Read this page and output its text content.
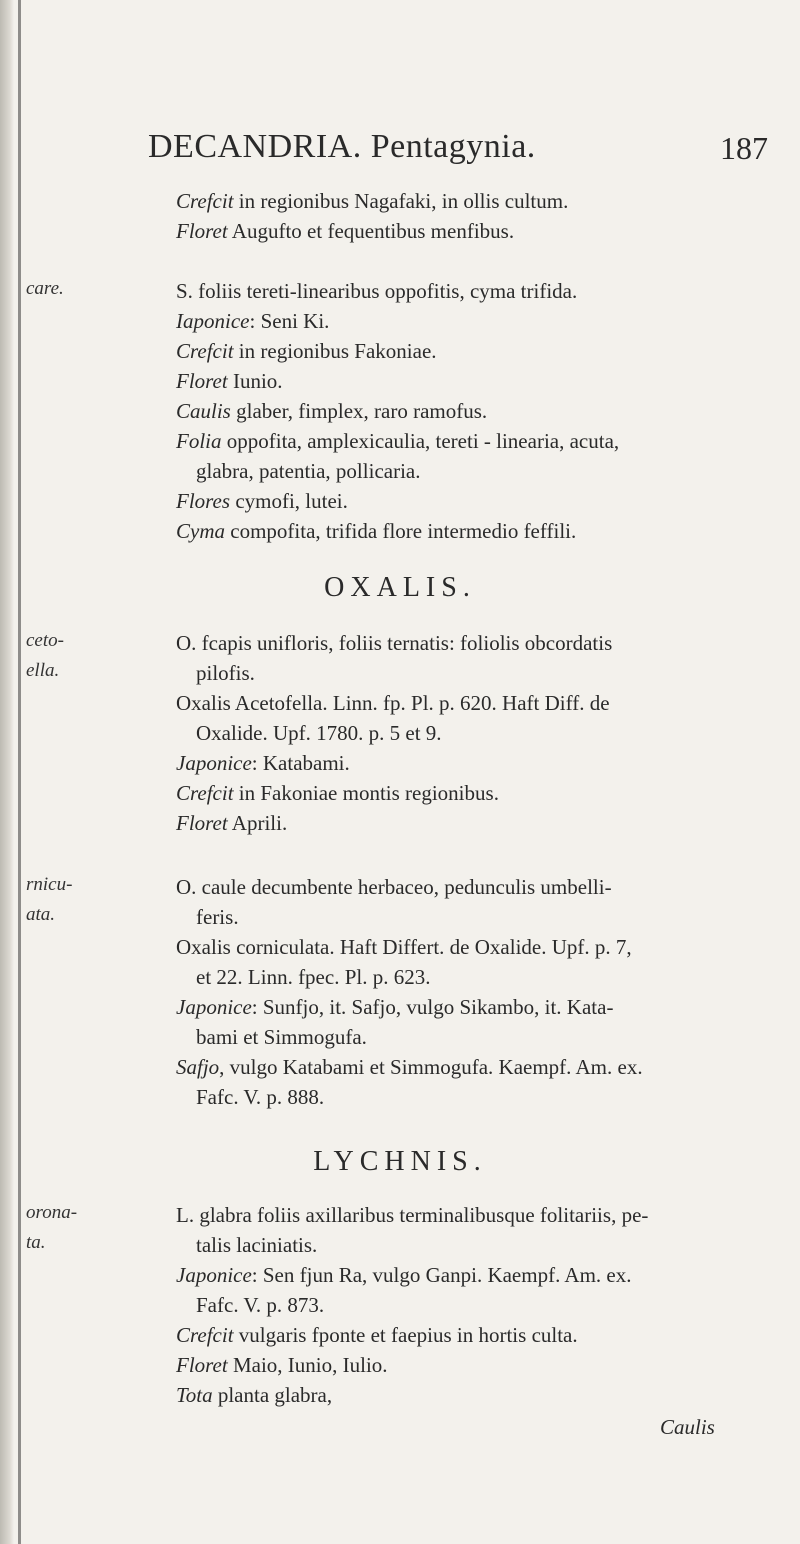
DECANDRIA. Pentagynia.	187
Crefcit in regionibus Nagafaki, in ollis cultum.
Floret Augufto et fequentibus menfibus.
care.	S. foliis tereti-linearibus oppofitis, cyma trifida.
Iaponice: Seni Ki.
Crefcit in regionibus Fakoniae.
Floret Iunio.
Caulis glaber, fimplex, raro ramofus.
Folia oppofita, amplexicaulia, tereti - linearia, acuta,
glabra, patentia, pollicaria.
Flores cymofi, lutei.
Cyma compofita, trifida flore intermedio feffili.
OXALIS.
ceto-
ella.
O. fcapis unifloris, foliis ternatis: foliolis obcordatis
pilofis.
Oxalis Acetofella. Linn. fp. Pl. p. 620. Haft Diff. de
Oxalide. Upf. 1780. p. 5 et 9.
Japonice: Katabami.
Crefcit in Fakoniae montis regionibus.
Floret Aprili.
rnicu-
ata.
O. caule decumbente herbaceo, pedunculis umbelli-
feris.
Oxalis corniculata. Haft Differt. de Oxalide. Upf. p. 7,
et 22. Linn. fpec. Pl. p. 623.
Japonice: Sunfjo, it. Safjo, vulgo Sikambo, it. Kata-
bami et Simmogufa.
Safjo, vulgo Katabami et Simmogufa. Kaempf. Am. ex.
Fafc. V. p. 888.
LYCHNIS.
orona-
ta.
L. glabra foliis axillaribus terminalibusque folitariis, pe-
talis laciniatis.
Japonice: Sen fjun Ra, vulgo Ganpi. Kaempf. Am. ex.
Fafc. V. p. 873.
Crefcit vulgaris fponte et faepius in hortis culta.
Floret Maio, Iunio, Iulio.
Tota planta glabra,
Caulis
